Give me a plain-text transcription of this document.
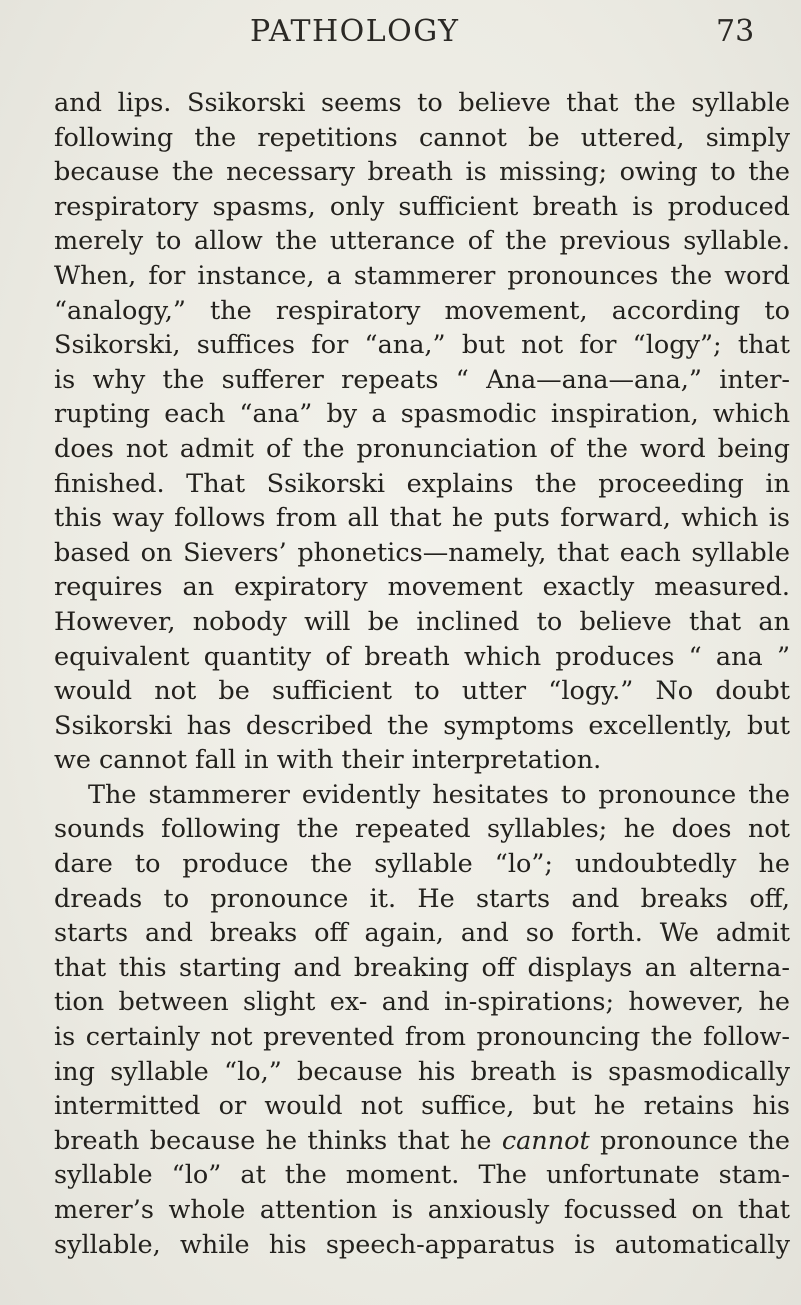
PATHOLOGY	73
and lips. Ssikorski seems to believe that the syllable
following the repetitions cannot be uttered, simply
because the necessary breath is missing; owing to the
respiratory spasms, only sufficient breath is produced
merely to allow the utterance of the previous syllable.
When, for instance, a stammerer pronounces the word
“analogy,” the respiratory movement, according to
Ssikorski, suffices for “ana,” but not for “logy”; that
is why the sufferer repeats “ Ana—ana—ana,” inter-
rupting each “ana” by a spasmodic inspiration, which
does not admit of the pronunciation of the word being
finished. That Ssikorski explains the proceeding in
this way follows from all that he puts forward, which is
based on Sievers’ phonetics—namely, that each syllable
requires an expiratory movement exactly measured.
However, nobody will be inclined to believe that an
equivalent quantity of breath which produces “ ana ”
would not be sufficient to utter “logy.” No doubt
Ssikorski has described the symptoms excellently, but
we cannot fall in with their interpretation.
The stammerer evidently hesitates to pronounce the
sounds following the repeated syllables; he does not
dare to produce the syllable “lo”; undoubtedly he
dreads to pronounce it. He starts and breaks off,
starts and breaks off again, and so forth. We admit
that this starting and breaking off displays an alterna-
tion between slight ex- and in-spirations; however, he
is certainly not prevented from pronouncing the follow-
ing syllable “lo,” because his breath is spasmodically
intermitted or would not suffice, but he retains his
breath because he thinks that he cannot pronounce the
syllable “lo” at the moment. The unfortunate stam-
merer’s whole attention is anxiously focussed on that
syllable, while his speech-apparatus is automatically
